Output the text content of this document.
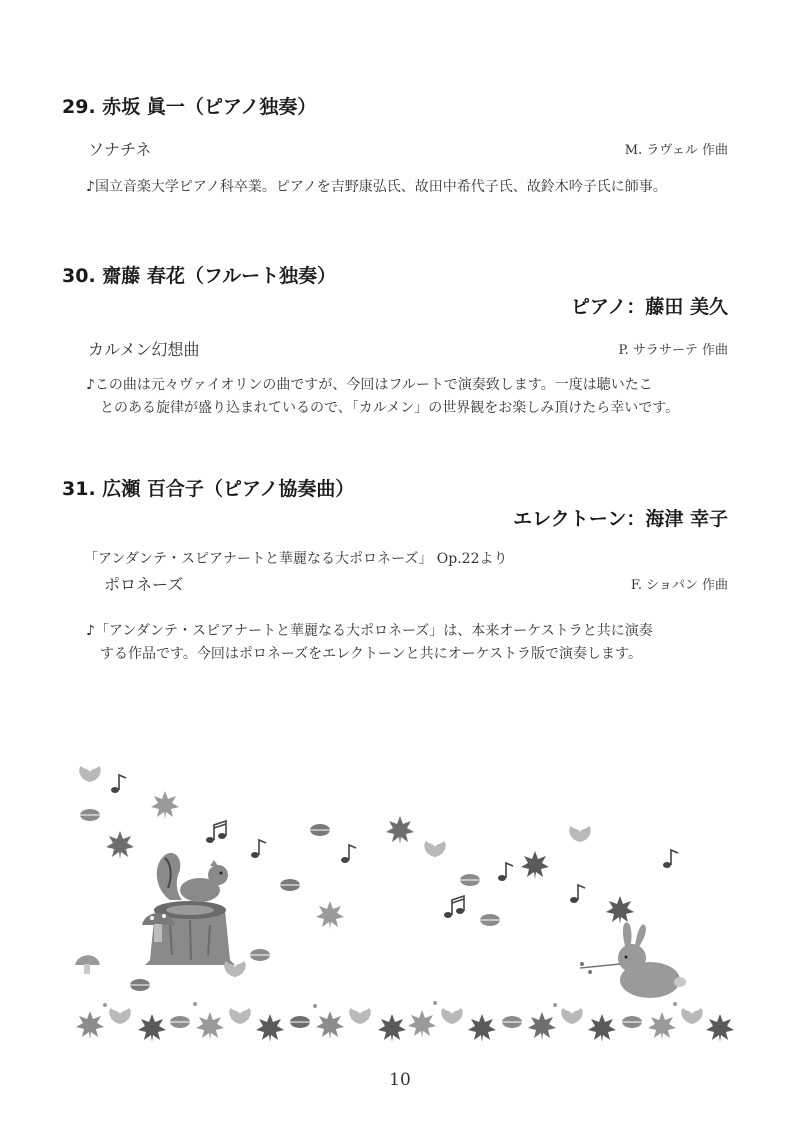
29. 赤坂 眞一（ピアノ独奏）
ソナチネ	M. ラヴェル 作曲
♪国立音楽大学ピアノ科卒業。ピアノを吉野康弘氏、故田中希代子氏、故鈴木吟子氏に師事。
30. 齋藤 春花（フルート独奏）
ピアノ：藤田 美久
カルメン幻想曲	P. サラサーテ 作曲
♪この曲は元々ヴァイオリンの曲ですが、今回はフルートで演奏致します。一度は聴いたこ
とのある旋律が盛り込まれているので、「カルメン」の世界観をお楽しみ頂けたら幸いです。
31. 広瀬 百合子（ピアノ協奏曲）
エレクトーン：海津 幸子
「アンダンテ・スピアナートと華麗なる大ポロネーズ」 Op.22より
ポロネーズ	F. ショパン 作曲
♪「アンダンテ・スピアナートと華麗なる大ポロネーズ」は、本来オーケストラと共に演奏
する作品です。今回はポロネーズをエレクトーンと共にオーケストラ版で演奏します。
10
